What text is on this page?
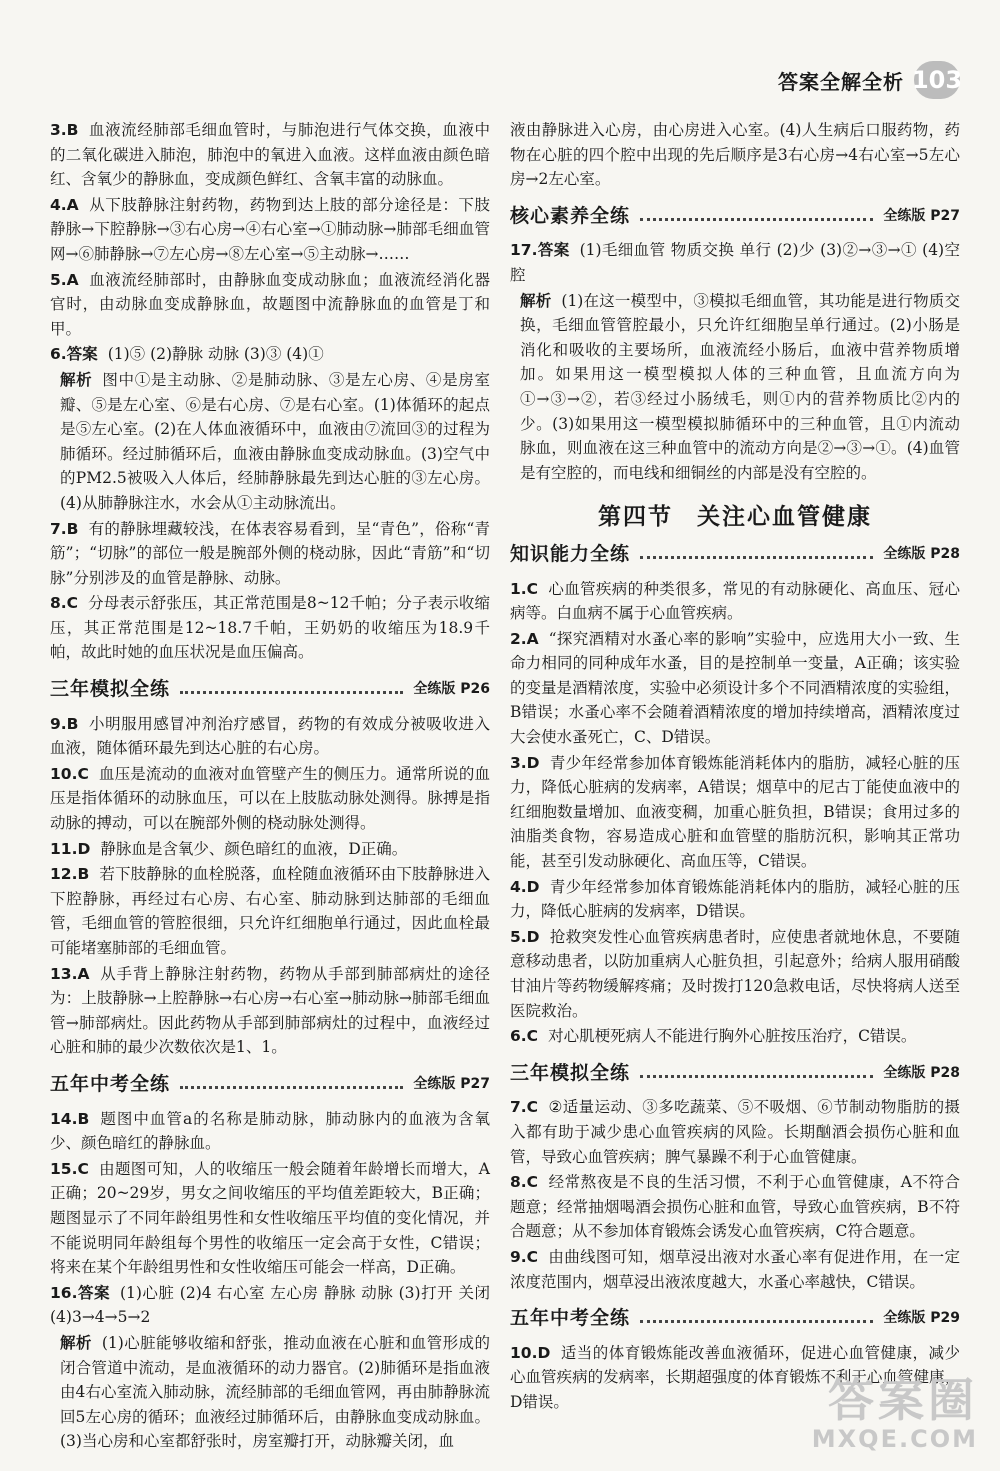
答案全解全析 103
3.B 血液流经肺部毛细血管时，与肺泡进行气体交换，血液中的二氧化碳进入肺泡，肺泡中的氧进入血液。这样血液由颜色暗红、含氧少的静脉血，变成颜色鲜红、含氧丰富的动脉血。
4.A 从下肢静脉注射药物，药物到达上肢的部分途径是：下肢静脉→下腔静脉→③右心房→④右心室→①肺动脉→肺部毛细血管网→⑥肺静脉→⑦左心房→⑧左心室→⑤主动脉→……
5.A 血液流经肺部时，由静脉血变成动脉血；血液流经消化器官时，由动脉血变成静脉血，故题图中流静脉血的血管是丁和甲。
6.答案 (1)⑤ (2)静脉 动脉 (3)③ (4)①
解析 图中①是主动脉、②是肺动脉、③是左心房、④是房室瓣、⑤是左心室、⑥是右心房、⑦是右心室。(1)体循环的起点是⑤左心室。(2)在人体血液循环中，血液由⑦流回③的过程为肺循环。经过肺循环后，血液由静脉血变成动脉血。(3)空气中的PM2.5被吸入人体后，经肺静脉最先到达心脏的③左心房。(4)从肺静脉注水，水会从①主动脉流出。
7.B 有的静脉埋藏较浅，在体表容易看到，呈“青色”，俗称“青筋”；“切脉”的部位一般是腕部外侧的桡动脉，因此“青筋”和“切脉”分别涉及的血管是静脉、动脉。
8.C 分母表示舒张压，其正常范围是8~12千帕；分子表示收缩压，其正常范围是12~18.7千帕，王奶奶的收缩压为18.9千帕，故此时她的血压状况是血压偏高。
三年模拟全练	全练版 P26
9.B 小明服用感冒冲剂治疗感冒，药物的有效成分被吸收进入血液，随体循环最先到达心脏的右心房。
10.C 血压是流动的血液对血管壁产生的侧压力。通常所说的血压是指体循环的动脉血压，可以在上肢肱动脉处测得。脉搏是指动脉的搏动，可以在腕部外侧的桡动脉处测得。
11.D 静脉血是含氧少、颜色暗红的血液，D正确。
12.B 若下肢静脉的血栓脱落，血栓随血液循环由下肢静脉进入下腔静脉，再经过右心房、右心室、肺动脉到达肺部的毛细血管，毛细血管的管腔很细，只允许红细胞单行通过，因此血栓最可能堵塞肺部的毛细血管。
13.A 从手背上静脉注射药物，药物从手部到肺部病灶的途径为：上肢静脉→上腔静脉→右心房→右心室→肺动脉→肺部毛细血管→肺部病灶。因此药物从手部到肺部病灶的过程中，血液经过心脏和肺的最少次数依次是1、1。
五年中考全练	全练版 P27
14.B 题图中血管a的名称是肺动脉，肺动脉内的血液为含氧少、颜色暗红的静脉血。
15.C 由题图可知，人的收缩压一般会随着年龄增长而增大，A正确；20~29岁，男女之间收缩压的平均值差距较大，B正确；题图显示了不同年龄组男性和女性收缩压平均值的变化情况，并不能说明同年龄组每个男性的收缩压一定会高于女性，C错误；将来在某个年龄组男性和女性收缩压可能会一样高，D正确。
16.答案 (1)心脏 (2)4 右心室 左心房 静脉 动脉 (3)打开 关闭 (4)3→4→5→2
解析 (1)心脏能够收缩和舒张，推动血液在心脏和血管形成的闭合管道中流动，是血液循环的动力器官。(2)肺循环是指血液由4右心室流入肺动脉，流经肺部的毛细血管网，再由肺静脉流回5左心房的循环；血液经过肺循环后，由静脉血变成动脉血。(3)当心房和心室都舒张时，房室瓣打开，动脉瓣关闭，血
液由静脉进入心房，由心房进入心室。(4)人生病后口服药物，药物在心脏的四个腔中出现的先后顺序是3右心房→4右心室→5左心房→2左心室。
核心素养全练	全练版 P27
17.答案 (1)毛细血管 物质交换 单行 (2)少 (3)②→③→① (4)空腔
解析 (1)在这一模型中，③模拟毛细血管，其功能是进行物质交换，毛细血管管腔最小，只允许红细胞呈单行通过。(2)小肠是消化和吸收的主要场所，血液流经小肠后，血液中营养物质增加。如果用这一模型模拟人体的三种血管，且血流方向为①→③→②，若③经过小肠绒毛，则①内的营养物质比②内的少。(3)如果用这一模型模拟肺循环中的三种血管，且①内流动脉血，则血液在这三种血管中的流动方向是②→③→①。(4)血管是有空腔的，而电线和细铜丝的内部是没有空腔的。
第四节 关注心血管健康
知识能力全练	全练版 P28
1.C 心血管疾病的种类很多，常见的有动脉硬化、高血压、冠心病等。白血病不属于心血管疾病。
2.A “探究酒精对水蚤心率的影响”实验中，应选用大小一致、生命力相同的同种成年水蚤，目的是控制单一变量，A正确；该实验的变量是酒精浓度，实验中必须设计多个不同酒精浓度的实验组，B错误；水蚤心率不会随着酒精浓度的增加持续增高，酒精浓度过大会使水蚤死亡，C、D错误。
3.D 青少年经常参加体育锻炼能消耗体内的脂肪，减轻心脏的压力，降低心脏病的发病率，A错误；烟草中的尼古丁能使血液中的红细胞数量增加、血液变稠，加重心脏负担，B错误；食用过多的油脂类食物，容易造成心脏和血管壁的脂肪沉积，影响其正常功能，甚至引发动脉硬化、高血压等，C错误。
4.D 青少年经常参加体育锻炼能消耗体内的脂肪，减轻心脏的压力，降低心脏病的发病率，D错误。
5.D 抢救突发性心血管疾病患者时，应使患者就地休息，不要随意移动患者，以防加重病人心脏负担，引起意外；给病人服用硝酸甘油片等药物缓解疼痛；及时拨打120急救电话，尽快将病人送至医院救治。
6.C 对心肌梗死病人不能进行胸外心脏按压治疗，C错误。
三年模拟全练	全练版 P28
7.C ②适量运动、③多吃蔬菜、⑤不吸烟、⑥节制动物脂肪的摄入都有助于减少患心血管疾病的风险。长期酗酒会损伤心脏和血管，导致心血管疾病；脾气暴躁不利于心血管健康。
8.C 经常熬夜是不良的生活习惯，不利于心血管健康，A不符合题意；经常抽烟喝酒会损伤心脏和血管，导致心血管疾病，B不符合题意；从不参加体育锻炼会诱发心血管疾病，C符合题意。
9.C 由曲线图可知，烟草浸出液对水蚤心率有促进作用，在一定浓度范围内，烟草浸出液浓度越大，水蚤心率越快，C错误。
五年中考全练	全练版 P29
10.D 适当的体育锻炼能改善血液循环，促进心血管健康，减少心血管疾病的发病率，长期超强度的体育锻炼不利于心血管健康，D错误。	答案圈
MXQE.COM
